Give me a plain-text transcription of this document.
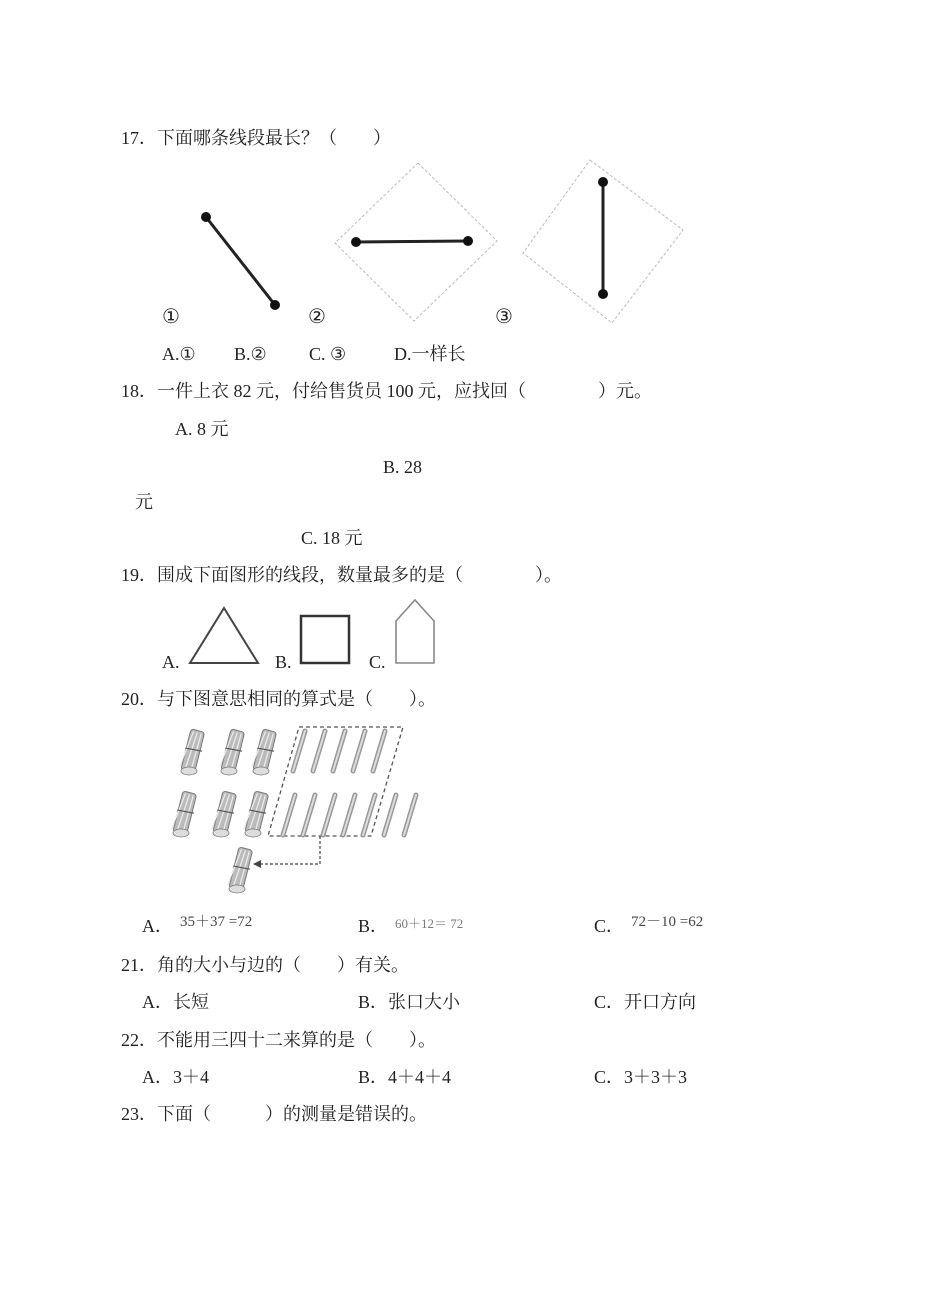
17．下面哪条线段最长？（　　）
①	②	③
A.① B.② C. ③	D.一样长
18．一件上衣 82 元，付给售货员 100 元，应找回（　　　　）元。
A. 8 元
B. 28
元
C. 18 元
19．围成下面图形的线段，数量最多的是（　　　　）。
A.	B.	C.
20．与下图意思相同的算式是（　　）。
A． 35＋37 =72	B． 60＋12＝ 72	C． 72－10 =62
21．角的大小与边的（　　）有关。
A．长短	B．张口大小	C．开口方向
22．不能用三四十二来算的是（　　）。
A．3＋4	B．4＋4＋4	C．3＋3＋3
23．下面（　　　）的测量是错误的。
